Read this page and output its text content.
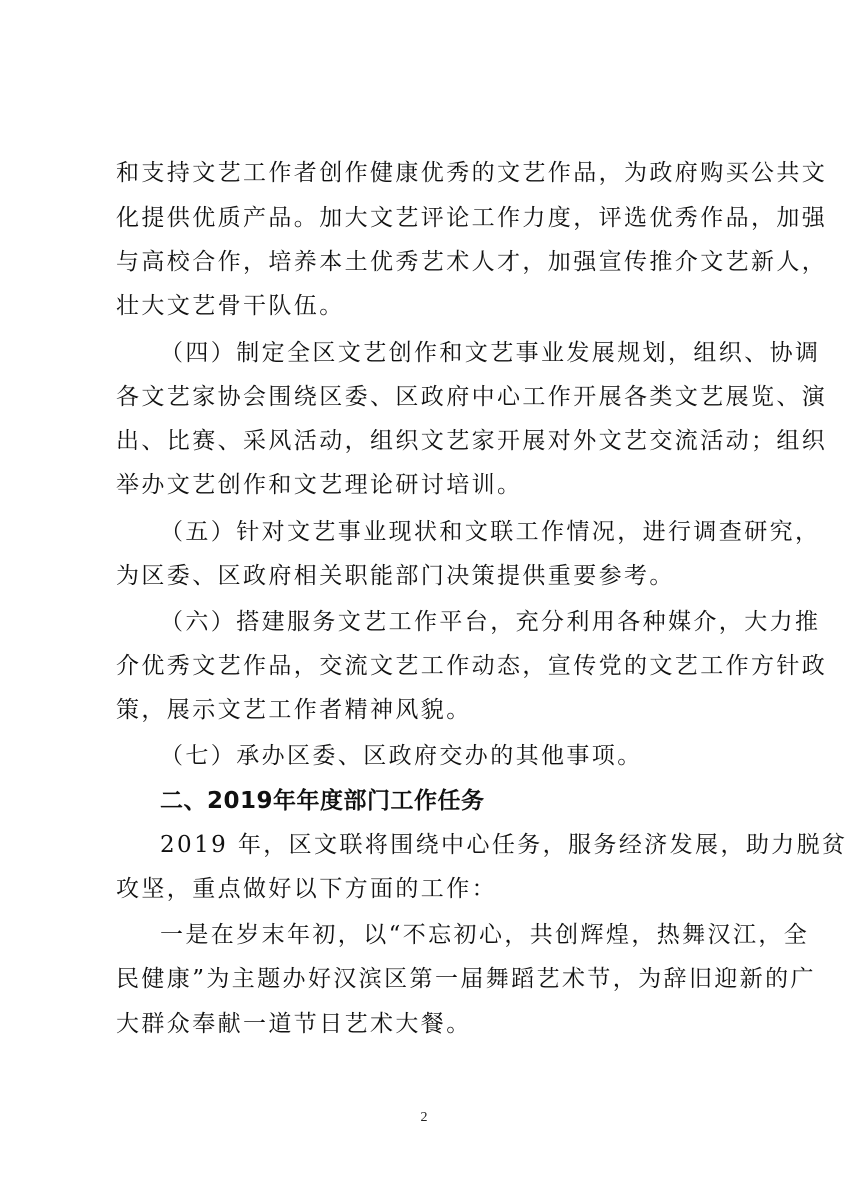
和支持文艺工作者创作健康优秀的文艺作品，为政府购买公共文
化提供优质产品。加大文艺评论工作力度，评选优秀作品，加强
与高校合作，培养本土优秀艺术人才，加强宣传推介文艺新人，
壮大文艺骨干队伍。
（四）制定全区文艺创作和文艺事业发展规划，组织、协调
各文艺家协会围绕区委、区政府中心工作开展各类文艺展览、演
出、比赛、采风活动，组织文艺家开展对外文艺交流活动；组织
举办文艺创作和文艺理论研讨培训。
（五）针对文艺事业现状和文联工作情况，进行调查研究，
为区委、区政府相关职能部门决策提供重要参考。
（六）搭建服务文艺工作平台，充分利用各种媒介，大力推
介优秀文艺作品，交流文艺工作动态，宣传党的文艺工作方针政
策，展示文艺工作者精神风貌。
（七）承办区委、区政府交办的其他事项。
二、2019年年度部门工作任务
2019 年，区文联将围绕中心任务，服务经济发展，助力脱贫
攻坚，重点做好以下方面的工作：
一是在岁末年初，以“不忘初心，共创辉煌，热舞汉江，全
民健康”为主题办好汉滨区第一届舞蹈艺术节，为辞旧迎新的广
大群众奉献一道节日艺术大餐。
2
